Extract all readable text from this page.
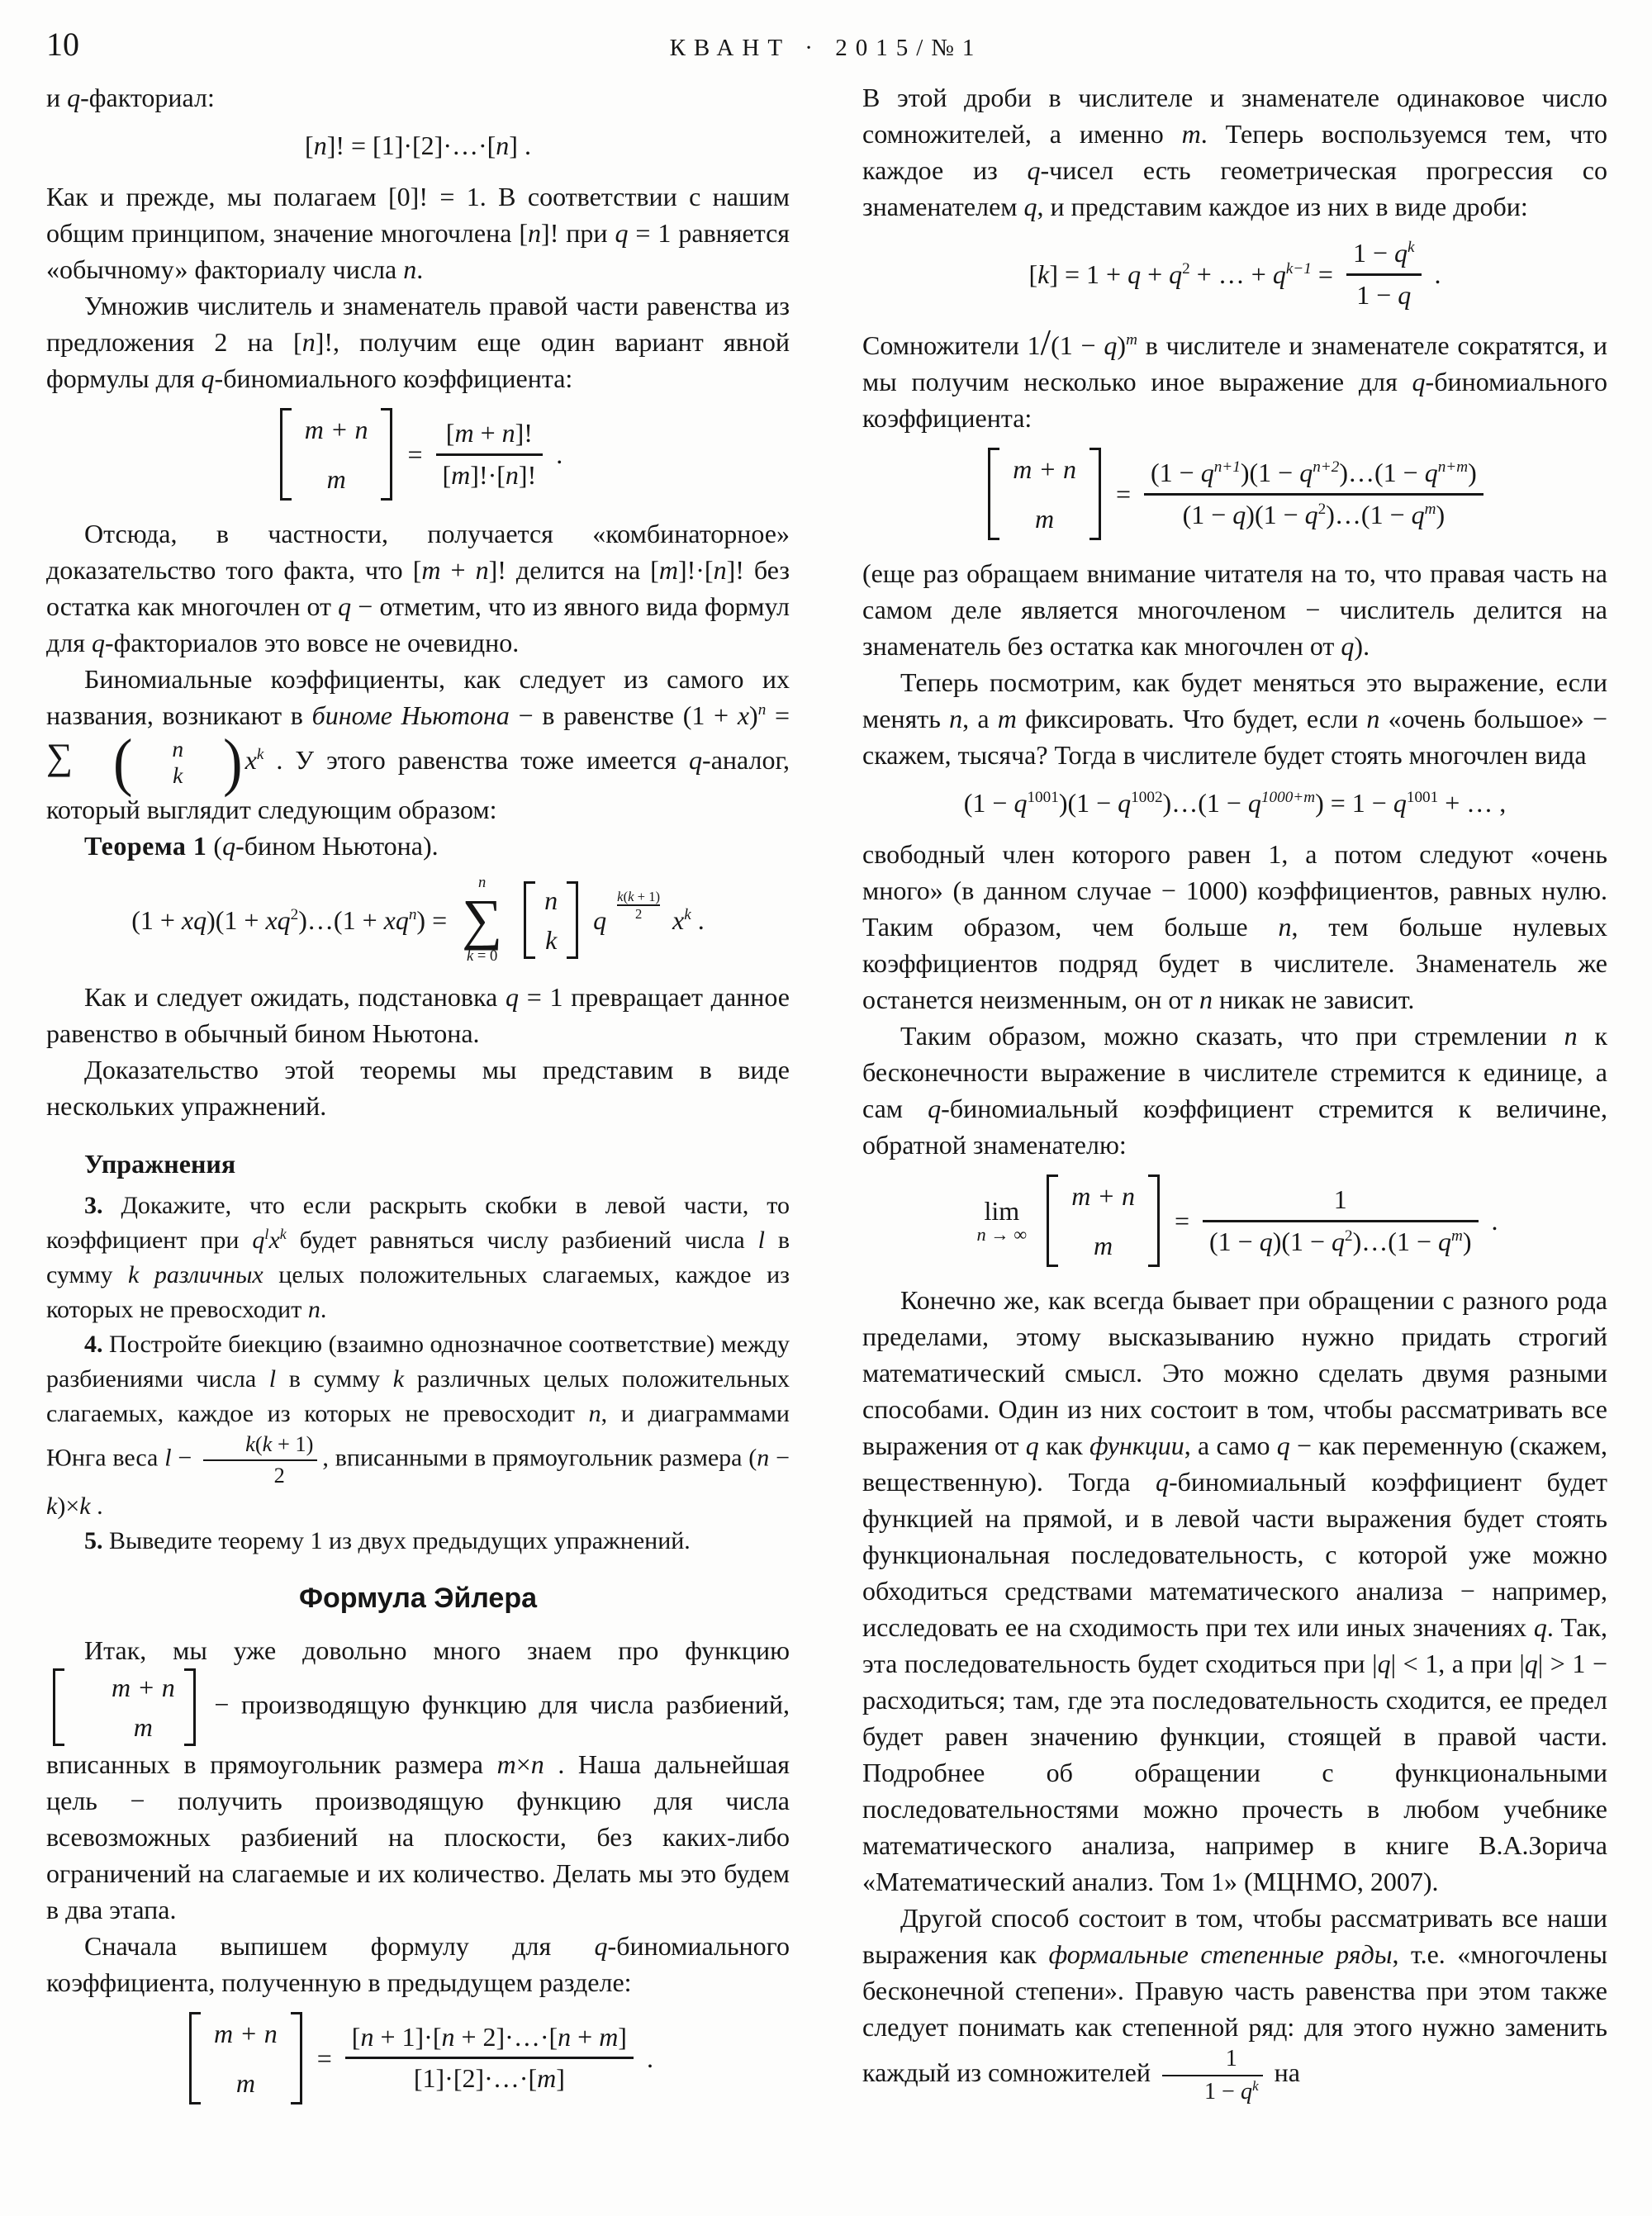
10	КВАНТ · 2015/№1

и q-факториал:

[n]! = [1]·[2]·…·[n] .

Как и прежде, мы полагаем [0]! = 1. В соответствии с нашим общим принципом, значение многочлена [n]! при q = 1 равняется «обычному» факториалу числа n.

Умножив числитель и знаменатель правой части равенства из предложения 2 на [n]!, получим еще один вариант явной формулы для q-биномиального коэффициента:

m + n
m
= $\frac{[m + n]!}{[m]!\cdot[n]!}$ .

Отсюда, в частности, получается «комбинаторное» доказательство того факта, что [m + n]! делится на [m]!·[n]! без остатка как многочлен от q − отметим, что из явного вида формул для q-факториалов это вовсе не очевидно.

Биномиальные коэффициенты, как следует из самого их названия, возникают в биноме Ньютона − в равенстве $(1 + x)^n$ = ∑ (	n
k ) $x^k$ . У этого равенства тоже имеется q-аналог, который выглядит следующим образом:

Теорема 1 (q-бином Ньютона).

$(1 + xq)(1 + xq^2)\dots(1 + xq^n)$ =
n
∑
k = 0
n
k
q $\frac{k(k + 1)}{2} x^k$ .

Как и следует ожидать, подстановка q = 1 превращает данное равенство в обычный бином Ньютона.

Доказательство этой теоремы мы представим в виде нескольких упражнений.

Упражнения

3. Докажите, что если раскрыть скобки в левой части, то коэффициент при $q^lx^k$ будет равняться числу разбиений числа l в сумму k различных целых положительных слагаемых, каждое из которых не превосходит n.

4. Постройте биекцию (взаимно однозначное соответствие) между разбиениями числа l в сумму k различных целых положительных слагаемых, каждое из которых не превосходит n, и диаграммами Юнга веса $l - \frac{k(k + 1)}{2}$ , вписанными в прямоугольник размера (n − k)×k .

5. Выведите теорему 1 из двух предыдущих упражнений.

Формула Эйлера

Итак, мы уже довольно много знаем про функцию
m + n
m
− производящую функцию для числа разбиений, вписанных в прямоугольник размера m×n . Наша дальнейшая цель − получить производящую функцию для числа всевозможных разбиений на плоскости, без каких-либо ограничений на слагаемые и их количество. Делать мы это будем в два этапа.

Сначала выпишем формулу для q-биномиального коэффициента, полученную в предыдущем разделе:

m + n
m
= $\frac{[n + 1]\cdot[n + 2]\cdot\dots\cdot[n + m]}{[1]\cdot[2]\cdot\dots\cdot[m]}$ .

В этой дроби в числителе и знаменателе одинаковое число сомножителей, а именно m. Теперь воспользуемся тем, что каждое из q-чисел есть геометрическая прогрессия со знаменателем q, и представим каждое из них в виде дроби:

$[k] = 1 + q + q^2$ + … + $q^{k-1} = \frac{1 - q^k}{1 - q}$ .

Сомножители $1/(1 - q)^m$ в числителе и знаменателе сократятся, и мы получим несколько иное выражение для q-биномиального коэффициента:

m + n
m
= $\frac{(1 - q^{n+1})(1 - q^{n+2})\dots(1 - q^{n+m})}{(1 - q)(1 - q^2)\dots(1 - q^m)}$

(еще раз обращаем внимание читателя на то, что правая часть на самом деле является многочленом − числитель делится на знаменатель без остатка как многочлен от q).

Теперь посмотрим, как будет меняться это выражение, если менять n, а m фиксировать. Что будет, если n «очень большое» − скажем, тысяча? Тогда в числителе будет стоять многочлен вида

$(1 - q^{1001})(1$ − $q^{1002})\dots(1 - q^{1000+m}) = 1 - q^{1001}$ + … ,

свободный член которого равен 1, а потом следуют «очень много» (в данном случае − 1000) коэффициентов, равных нулю. Таким образом, чем больше n, тем больше нулевых коэффициентов подряд будет в числителе. Знаменатель же останется неизменным, он от n никак не зависит.

Таким образом, можно сказать, что при стремлении n к бесконечности выражение в числителе стремится к единице, а сам q-биномиальный коэффициент стремится к величине, обратной знаменателю:

lim
n → ∞
m + n
m
= $\frac{1}{(1 - q)(1 - q^2)\dots(1 - q^m)}$ .

Конечно же, как всегда бывает при обращении с разного рода пределами, этому высказыванию нужно придать строгий математический смысл. Это можно сделать двумя разными способами. Один из них состоит в том, чтобы рассматривать все выражения от q как функции, а само q − как переменную (скажем, вещественную). Тогда q-биномиальный коэффициент будет функцией на прямой, и в левой части выражения будет стоять функциональная последовательность, с которой уже можно обходиться средствами математического анализа − например, исследовать ее на сходимость при тех или иных значениях q. Так, эта последовательность будет сходиться при |q| < 1, а при |q| > 1 − расходиться; там, где эта последовательность сходится, ее предел будет равен значению функции, стоящей в правой части. Подробнее об обращении с функциональными последовательностями можно прочесть в любом учебнике математического анализа, например в книге В.А.Зорича «Математический анализ. Том 1» (МЦНМО, 2007).

Другой способ состоит в том, чтобы рассматривать все наши выражения как формальные степенные ряды, т.е. «многочлены бесконечной степени». Правую часть равенства при этом также следует понимать как степенной ряд: для этого нужно заменить каждый из сомножителей $\frac{1}{1 - q^k}$ на
